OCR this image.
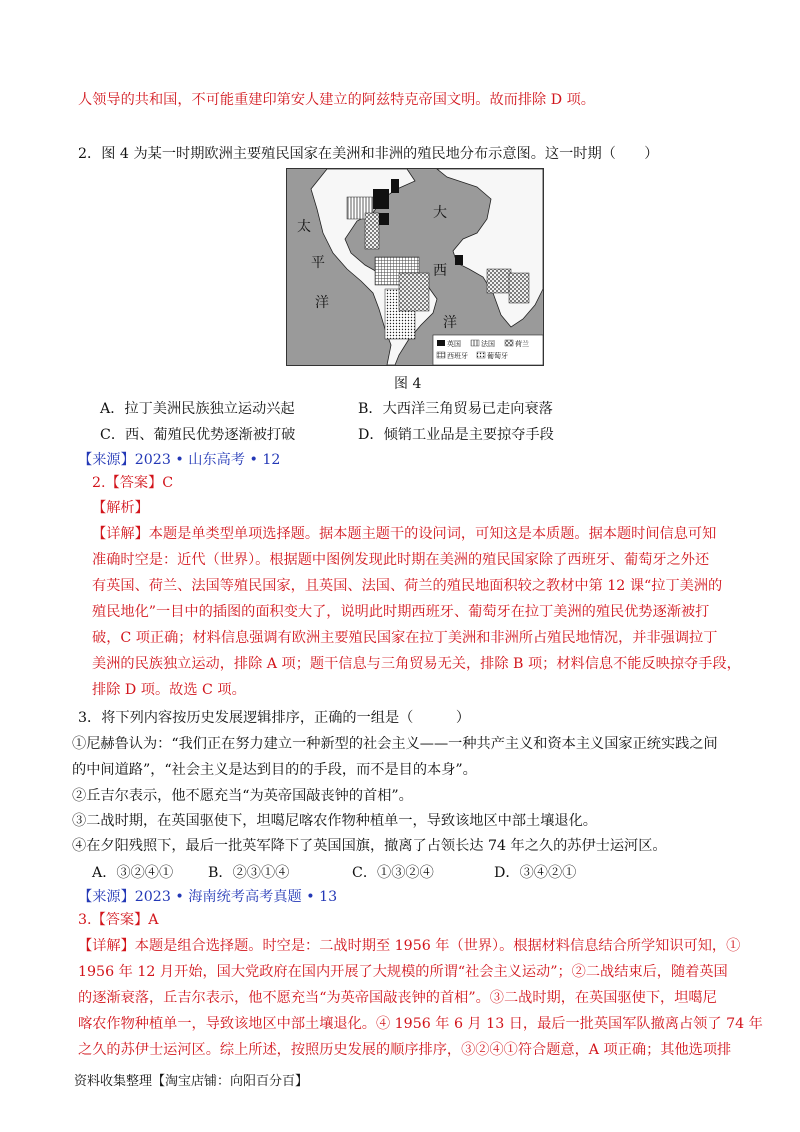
人领导的共和国，不可能重建印第安人建立的阿兹特克帝国文明。故而排除 D 项。
2．图 4 为某一时期欧洲主要殖民国家在美洲和非洲的殖民地分布示意图。这一时期（　　）
太
平
洋
大
西
洋
英国	法国	荷兰
西班牙	葡萄牙
图 4
A．拉丁美洲民族独立运动兴起	B．大西洋三角贸易已走向衰落
C．西、葡殖民优势逐渐被打破	D．倾销工业品是主要掠夺手段
【来源】2023 • 山东高考 • 12
2.【答案】C
【解析】
【详解】本题是单类型单项选择题。据本题主题干的设问词，可知这是本质题。据本题时间信息可知
准确时空是：近代（世界）。根据题中图例发现此时期在美洲的殖民国家除了西班牙、葡萄牙之外还
有英国、荷兰、法国等殖民国家，且英国、法国、荷兰的殖民地面积较之教材中第 12 课“拉丁美洲的
殖民地化”一目中的插图的面积变大了，说明此时期西班牙、葡萄牙在拉丁美洲的殖民优势逐渐被打
破，C 项正确；材料信息强调有欧洲主要殖民国家在拉丁美洲和非洲所占殖民地情况，并非强调拉丁
美洲的民族独立运动，排除 A 项；题干信息与三角贸易无关，排除 B 项；材料信息不能反映掠夺手段，
排除 D 项。故选 C 项。
3．将下列内容按历史发展逻辑排序，正确的一组是（　　　）
①尼赫鲁认为：“我们正在努力建立一种新型的社会主义——一种共产主义和资本主义国家正统实践之间
的中间道路”，“社会主义是达到目的的手段，而不是目的本身”。
②丘吉尔表示，他不愿充当“为英帝国敲丧钟的首相”。
③二战时期，在英国驱使下，坦噶尼喀农作物种植单一，导致该地区中部土壤退化。
④在夕阳残照下，最后一批英军降下了英国国旗，撤离了占领长达 74 年之久的苏伊士运河区。
A．③②④① B．②③①④	C．①③②④	D．③④②①
【来源】2023 • 海南统考高考真题 • 13
3.【答案】A
【详解】本题是组合选择题。时空是：二战时期至 1956 年（世界）。根据材料信息结合所学知识可知，①
1956 年 12 月开始，国大党政府在国内开展了大规模的所谓“社会主义运动”；②二战结束后，随着英国
的逐渐衰落，丘吉尔表示，他不愿充当“为英帝国敲丧钟的首相”。③二战时期，在英国驱使下，坦噶尼
喀农作物种植单一，导致该地区中部土壤退化。④ 1956 年 6 月 13 日，最后一批英国军队撤离占领了 74 年
之久的苏伊士运河区。综上所述，按照历史发展的顺序排序，③②④①符合题意，A 项正确；其他选项排
资料收集整理【淘宝店铺：向阳百分百】
